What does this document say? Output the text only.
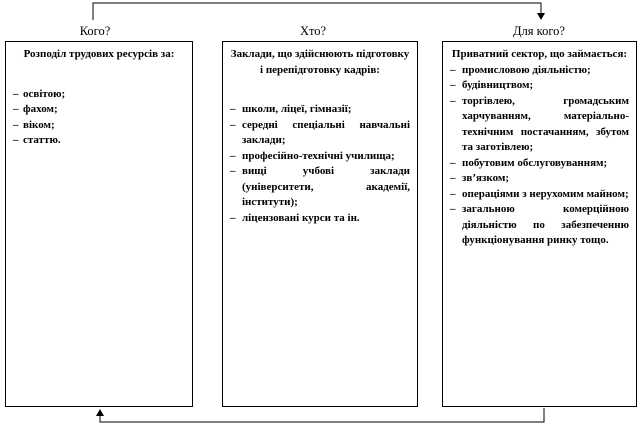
Кого?	Хто?	Для кого?
Розподіл трудових ресурсів за:
– освітою;
– фахом;
– віком;
– статтю.
Заклади, що здійснюють підготовку і перепідготовку кадрів:
– школи, ліцеї, гімназії;
– середні спеціальні навчальні заклади;
– професійно-технічні училища;
– вищі учбові заклади (університети, академії, інститути);
– ліцензовані курси та ін.
Приватний сектор, що займається:
– промисловою діяльністю;
– будівництвом;
– торгівлею, громадським харчуванням, матеріально-технічним постачанням, збутом та заготівлею;
– побутовим обслуговуванням;
– зв’язком;
– операціями з нерухомим майном;
– загальною комерційною діяльністю по забезпеченню функціонування ринку тощо.
